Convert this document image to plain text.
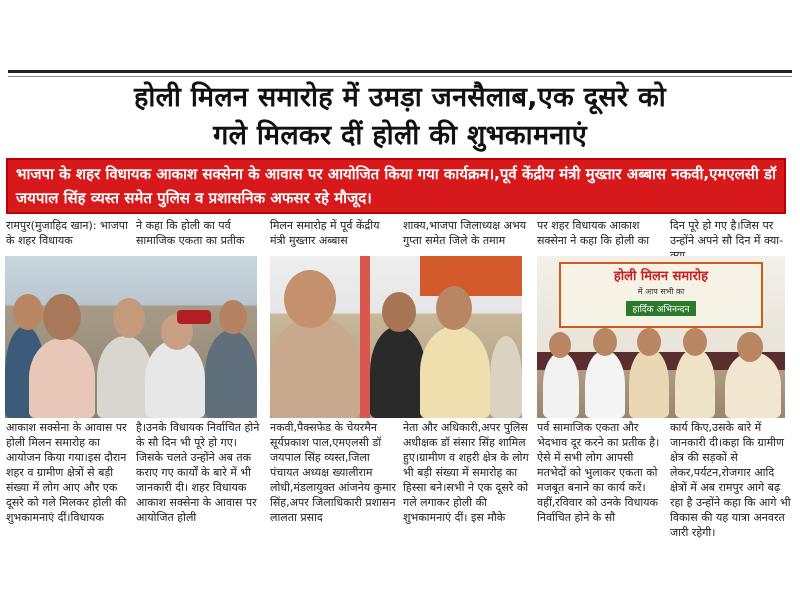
होली मिलन समारोह में उमड़ा जनसैलाब,एक दूसरे को
गले मिलकर दीं होली की शुभकामनाएं
भाजपा के शहर विधायक आकाश सक्सेना के आवास पर आयोजित किया गया कार्यक्रम।,पूर्व केंद्रीय मंत्री मुख्तार अब्बास नकवी,एमएलसी डॉ जयपाल सिंह व्यस्त समेत पुलिस व प्रशासनिक अफसर रहे मौजूद।
रामपुर(मुजाहिद खान): भाजपा के शहर विधायक
ने कहा कि होली का पर्व सामाजिक एकता का प्रतीक
मिलन समारोह में पूर्व केंद्रीय मंत्री मुख्तार अब्बास
शाक्य,भाजपा जिलाध्यक्ष अभय गुप्ता समेत जिले के तमाम
पर शहर विधायक आकाश सक्सेना ने कहा कि होली का
दिन पूरे हो गए है।जिस पर उन्होंने अपने सौ दिन में क्या-
होली मिलन समारोह
में आप सभी का
हार्दिक अभिनन्दन
आकाश सक्सेना के आवास पर होली मिलन समारोह का आयोजन किया गया।इस दौरान शहर व ग्रामीण क्षेत्रों से बड़ी संख्या में लोग आए और एक दूसरे को गले मिलकर होली की शुभकामनाएं दीं।विधायक
है।उनके विधायक निर्वाचित होने के सौ दिन भी पूरे हो गए।जिसके चलते उन्होंने अब तक कराए गए कार्यों के बारे में भी जानकारी दी। शहर विधायक आकाश सक्सेना के आवास पर आयोजित होली
नकवी,पैक्सफेड के चेयरमैन सूर्यप्रकाश पाल,एमएलसी डॉ जयपाल सिंह व्यस्त,जिला पंचायत अध्यक्ष ख्यालीराम लोधी,मंडलायुक्त आंजनेय कुमार सिंह,अपर जिलाधिकारी प्रशासन लालता प्रसाद
नेता और अधिकारी,अपर पुलिस अधीक्षक डॉ संसार सिंह शामिल हुए।ग्रामीण व शहरी क्षेत्र के लोग भी बड़ी संख्या में समारोह का हिस्सा बने।सभी ने एक दूसरे को गले लगाकर होली की शुभकामनाएं दीं। इस मौके
पर्व सामाजिक एकता और भेदभाव दूर करने का प्रतीक है।ऐसे में सभी लोग आपसी मतभेदों को भुलाकर एकता को मजबूत बनाने का कार्य करें।वहीं,रविवार को उनके विधायक निर्वाचित होने के सौ
कार्य किए,उसके बारे में जानकारी दी।कहा कि ग्रामीण क्षेत्र की सड़कों से लेकर,पर्यटन,रोजगार आदि क्षेत्रों में अब रामपुर आगे बढ़ रहा है उन्होंने कहा कि आगे भी विकास की यह यात्रा अनवरत जारी रहेगी।
